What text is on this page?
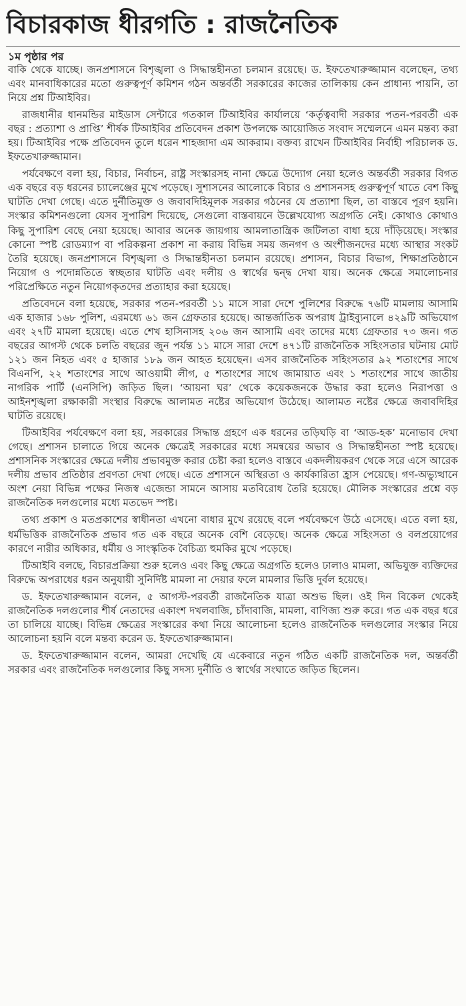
বিচারকাজ ধীরগতি : রাজনৈতিক
১ম পৃষ্ঠার পর

বাকি থেকে যাচ্ছে। জনপ্রশাসনে বিশৃঙ্খলা ও সিদ্ধান্তহীনতা চলমান রয়েছে। ড. ইফতেখারুজ্জামান বলেছেন, তথ্য এবং মানবাধিকারের মতো গুরুত্বপূর্ণ কমিশন গঠন অন্তর্বর্তী সরকারের কাজের তালিকায় কেন প্রাধান্য পায়নি, তা নিয়ে প্রশ্ন টিআইবির।

রাজধানীর ধানমন্ডির মাইডাস সেন্টারে গতকাল টিআইবির কার্যালয়ে ‘কর্তৃত্ববাদী সরকার পতন-পরবর্তী এক বছর : প্রত্যাশা ও প্রাপ্তি’ শীর্ষক টিআইবির প্রতিবেদন প্রকাশ উপলক্ষে আয়োজিত সংবাদ সম্মেলনে এমন মন্তব্য করা হয়। টিআইবির পক্ষে প্রতিবেদন তুলে ধরেন শাহজাদা এম আকরাম। বক্তব্য রাখেন টিআইবির নির্বাহী পরিচালক ড. ইফতেখারুজ্জামান।

পর্যবেক্ষণে বলা হয়, বিচার, নির্বাচন, রাষ্ট্র সংস্কারসহ নানা ক্ষেত্রে উদ্যোগ নেয়া হলেও অন্তর্বর্তী সরকার বিগত এক বছরে বড় ধরনের চ্যালেঞ্জের মুখে পড়েছে। সুশাসনের আলোকে বিচার ও প্রশাসনসহ গুরুত্বপূর্ণ খাতে বেশ কিছু ঘাটতি দেখা গেছে। এতে দুর্নীতিমুক্ত ও জবাবদিহিমূলক সরকার গঠনের যে প্রত্যাশা ছিল, তা বাস্তবে পূরণ হয়নি। সংস্কার কমিশনগুলো যেসব সুপারিশ দিয়েছে, সেগুলো বাস্তবায়নে উল্লেখযোগ্য অগ্রগতি নেই। কোথাও কোথাও কিছু সুপারিশ বেছে নেয়া হয়েছে। আবার অনেক জায়গায় আমলাতান্ত্রিক জটিলতা বাধা হয়ে দাঁড়িয়েছে। সংস্কার কোনো স্পষ্ট রোডম্যাপ বা পরিকল্পনা প্রকাশ না করায় বিভিন্ন সময় জনগণ ও অংশীজনদের মধ্যে আস্থার সংকট তৈরি হয়েছে। জনপ্রশাসনে বিশৃঙ্খলা ও সিদ্ধান্তহীনতা চলমান রয়েছে। প্রশাসন, বিচার বিভাগ, শিক্ষাপ্রতিষ্ঠানে নিয়োগ ও পদোন্নতিতে স্বচ্ছতার ঘাটতি এবং দলীয় ও স্বার্থের দ্বন্দ্ব দেখা যায়। অনেক ক্ষেত্রে সমালোচনার পরিপ্রেক্ষিতে নতুন নিয়োগকৃতদের প্রত্যাহার করা হয়েছে।

প্রতিবেদনে বলা হয়েছে, সরকার পতন-পরবর্তী ১১ মাসে সারা দেশে পুলিশের বিরুদ্ধে ৭৬টি মামলায় আসামি এক হাজার ১৬৮ পুলিশ, এরমধ্যে ৬১ জন গ্রেফতার হয়েছে। আন্তর্জাতিক অপরাধ ট্রাইব্যুনালে ৪২৯টি অভিযোগ এবং ২৭টি মামলা হয়েছে। এতে শেখ হাসিনাসহ ২০৬ জন আসামি এবং তাদের মধ্যে গ্রেফতার ৭৩ জন। গত বছরের আগস্ট থেকে চলতি বছরের জুন পর্যন্ত ১১ মাসে সারা দেশে ৪৭১টি রাজনৈতিক সহিংসতার ঘটনায় মোট ১২১ জন নিহত এবং ৫ হাজার ১৮৯ জন আহত হয়েছেন। এসব রাজনৈতিক সহিংসতার ৯২ শতাংশের সাথে বিএনপি, ২২ শতাংশের সাথে আওয়ামী লীগ, ৫ শতাংশের সাথে জামায়াত এবং ১ শতাংশের সাথে জাতীয় নাগরিক পার্টি (এনসিপি) জড়িত ছিল। ‘আয়না ঘর’ থেকে কয়েকজনকে উদ্ধার করা হলেও নিরাপত্তা ও আইনশৃঙ্খলা রক্ষাকারী সংস্থার বিরুদ্ধে আলামত নষ্টের অভিযোগ উঠেছে। আলামত নষ্টের ক্ষেত্রে জবাবদিহির ঘাটতি রয়েছে।

টিআইবির পর্যবেক্ষণে বলা হয়, সরকারের সিদ্ধান্ত গ্রহণে এক ধরনের তড়িঘড়ি বা ‘আড-হক’ মনোভাব দেখা গেছে। প্রশাসন চালাতে গিয়ে অনেক ক্ষেত্রেই সরকারের মধ্যে সমন্বয়ের অভাব ও সিদ্ধান্তহীনতা স্পষ্ট হয়েছে। প্রশাসনিক সংস্কারের ক্ষেত্রে দলীয় প্রভাবমুক্ত করার চেষ্টা করা হলেও বাস্তবে একদলীয়করণ থেকে সরে এসে আরেক দলীয় প্রভাব প্রতিষ্ঠার প্রবণতা দেখা গেছে। এতে প্রশাসনে অস্থিরতা ও কার্যকারিতা হ্রাস পেয়েছে। গণ-অভ্যুত্থানে অংশ নেয়া বিভিন্ন পক্ষের নিজস্ব এজেন্ডা সামনে আসায় মতবিরোধ তৈরি হয়েছে। মৌলিক সংস্কারের প্রশ্নে বড় রাজনৈতিক দলগুলোর মধ্যে মতভেদ স্পষ্ট।

তথ্য প্রকাশ ও মতপ্রকাশের স্বাধীনতা এখনো বাধার মুখে রয়েছে বলে পর্যবেক্ষণে উঠে এসেছে। এতে বলা হয়, ধর্মভিত্তিক রাজনৈতিক প্রভাব গত এক বছরে অনেক বেশি বেড়েছে। অনেক ক্ষেত্রে সহিংসতা ও বলপ্রয়োগের কারণে নারীর অধিকার, ধর্মীয় ও সাংস্কৃতিক বৈচিত্র্য হুমকির মুখে পড়েছে।

টিআইবি বলছে, বিচারপ্রক্রিয়া শুরু হলেও এবং কিছু ক্ষেত্রে অগ্রগতি হলেও ঢালাও মামলা, অভিযুক্ত ব্যক্তিদের বিরুদ্ধে অপরাধের ধরন অনুযায়ী সুনির্দিষ্ট মামলা না দেয়ার ফলে মামলার ভিত্তি দুর্বল হয়েছে।

ড. ইফতেখারুজ্জামান বলেন, ৫ আগস্ট-পরবর্তী রাজনৈতিক যাত্রা অশুভ ছিল। ওই দিন বিকেল থেকেই রাজনৈতিক দলগুলোর শীর্ষ নেতাদের একাংশ দখলবাজি, চাঁদাবাজি, মামলা, বাণিজ্য শুরু করে। গত এক বছর ধরে তা চালিয়ে যাচ্ছে। বিভিন্ন ক্ষেত্রের সংস্কারের কথা নিয়ে আলোচনা হলেও রাজনৈতিক দলগুলোর সংস্কার নিয়ে আলোচনা হয়নি বলে মন্তব্য করেন ড. ইফতেখারুজ্জামান।

ড. ইফতেখারুজ্জামান বলেন, আমরা দেখেছি যে একেবারে নতুন গঠিত একটি রাজনৈতিক দল, অন্তর্বর্তী সরকার এবং রাজনৈতিক দলগুলোর কিছু সদস্য দুর্নীতি ও স্বার্থের সংঘাতে জড়িত ছিলেন।
